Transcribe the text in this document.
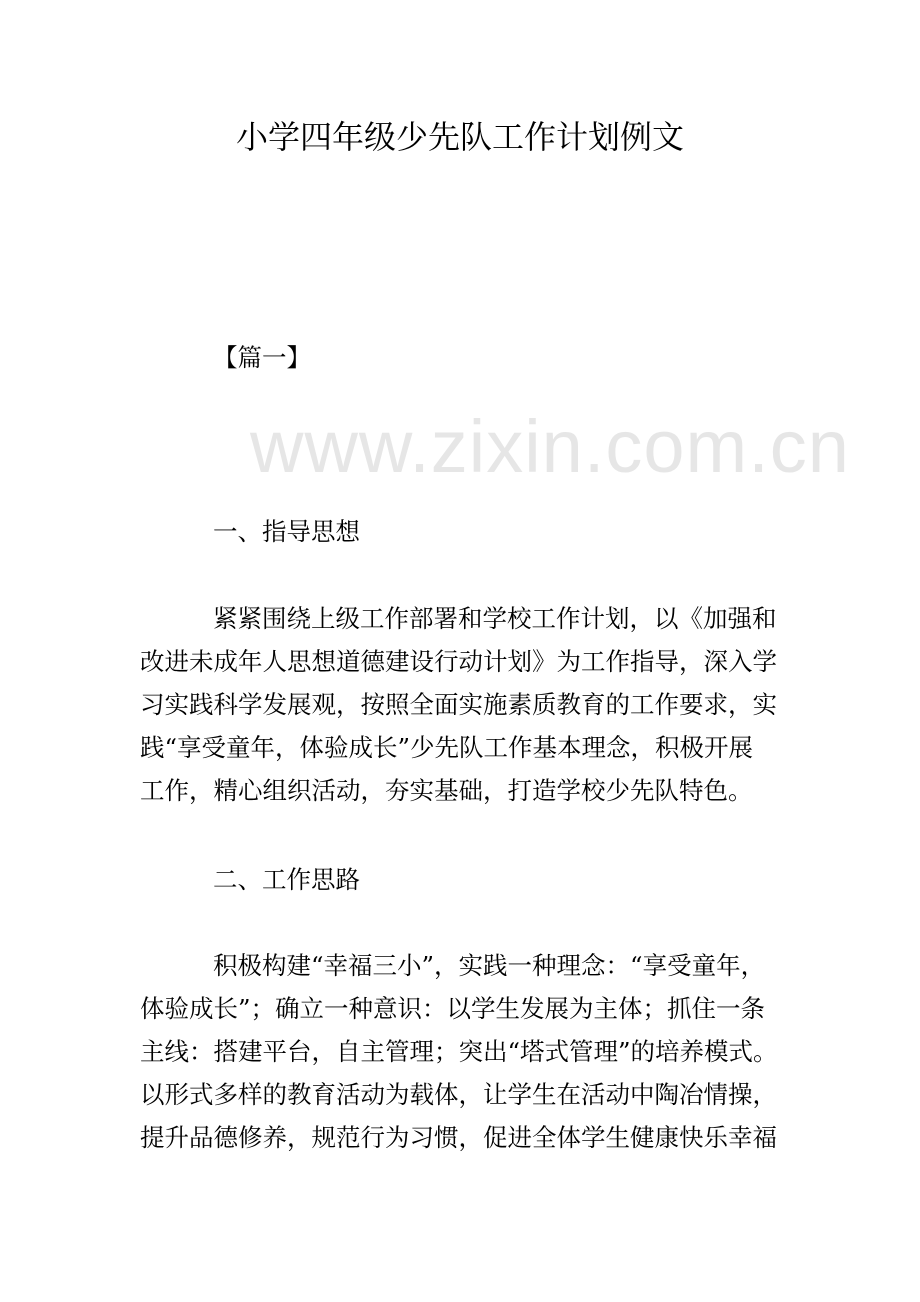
www.zixin.com.cn
小学四年级少先队工作计划例文
【篇一】
一、指导思想
紧紧围绕上级工作部署和学校工作计划，以《加强和
改进未成年人思想道德建设行动计划》为工作指导，深入学
习实践科学发展观，按照全面实施素质教育的工作要求，实
践“享受童年，体验成长”少先队工作基本理念，积极开展
工作，精心组织活动，夯实基础，打造学校少先队特色。
二、工作思路
积极构建“幸福三小”，实践一种理念：“享受童年，
体验成长”；确立一种意识：以学生发展为主体；抓住一条
主线：搭建平台，自主管理；突出“塔式管理”的培养模式。
以形式多样的教育活动为载体，让学生在活动中陶冶情操，
提升品德修养，规范行为习惯，促进全体学生健康快乐幸福
